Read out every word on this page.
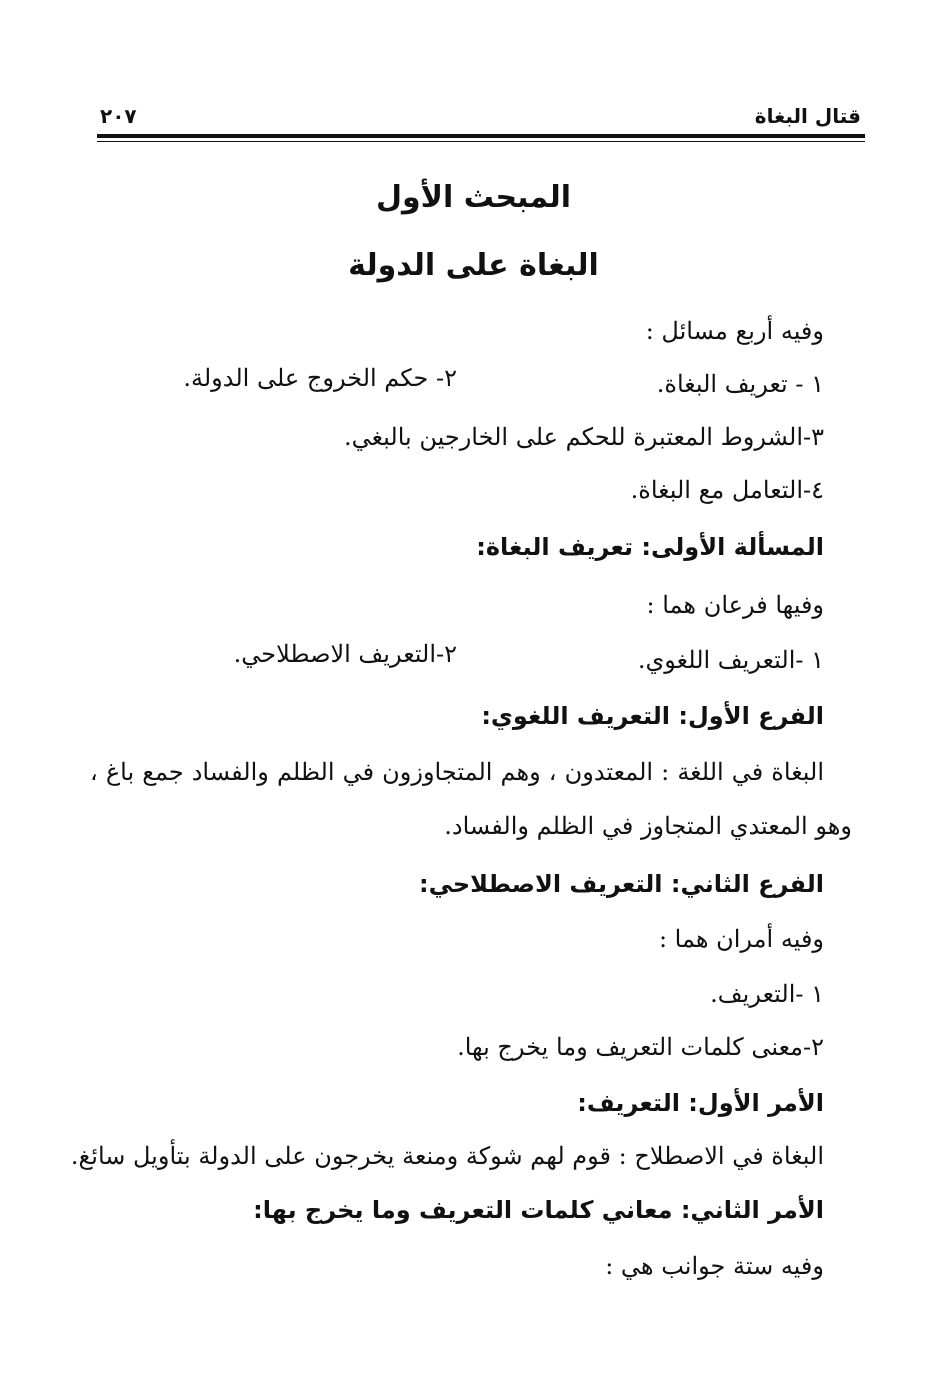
قتال البغاة
٢٠٧
المبحث الأول
البغاة على الدولة
وفيه أربع مسائل :
١ - تعريف البغاة.
٢- حكم الخروج على الدولة.
٣-الشروط المعتبرة للحكم على الخارجين بالبغي.
٤-التعامل مع البغاة.
المسألة الأولى: تعريف البغاة:
وفيها فرعان هما :
١ -التعريف اللغوي.
٢-التعريف الاصطلاحي.
الفرع الأول: التعريف اللغوي:
البغاة في اللغة : المعتدون ، وهم المتجاوزون في الظلم والفساد جمع باغ ،
وهو المعتدي المتجاوز في الظلم والفساد.
الفرع الثاني: التعريف الاصطلاحي:
وفيه أمران هما :
١ -التعريف.
٢-معنى كلمات التعريف وما يخرج بها.
الأمر الأول: التعريف:
البغاة في الاصطلاح : قوم لهم شوكة ومنعة يخرجون على الدولة بتأويل سائغ.
الأمر الثاني: معاني كلمات التعريف وما يخرج بها:
وفيه ستة جوانب هي :
